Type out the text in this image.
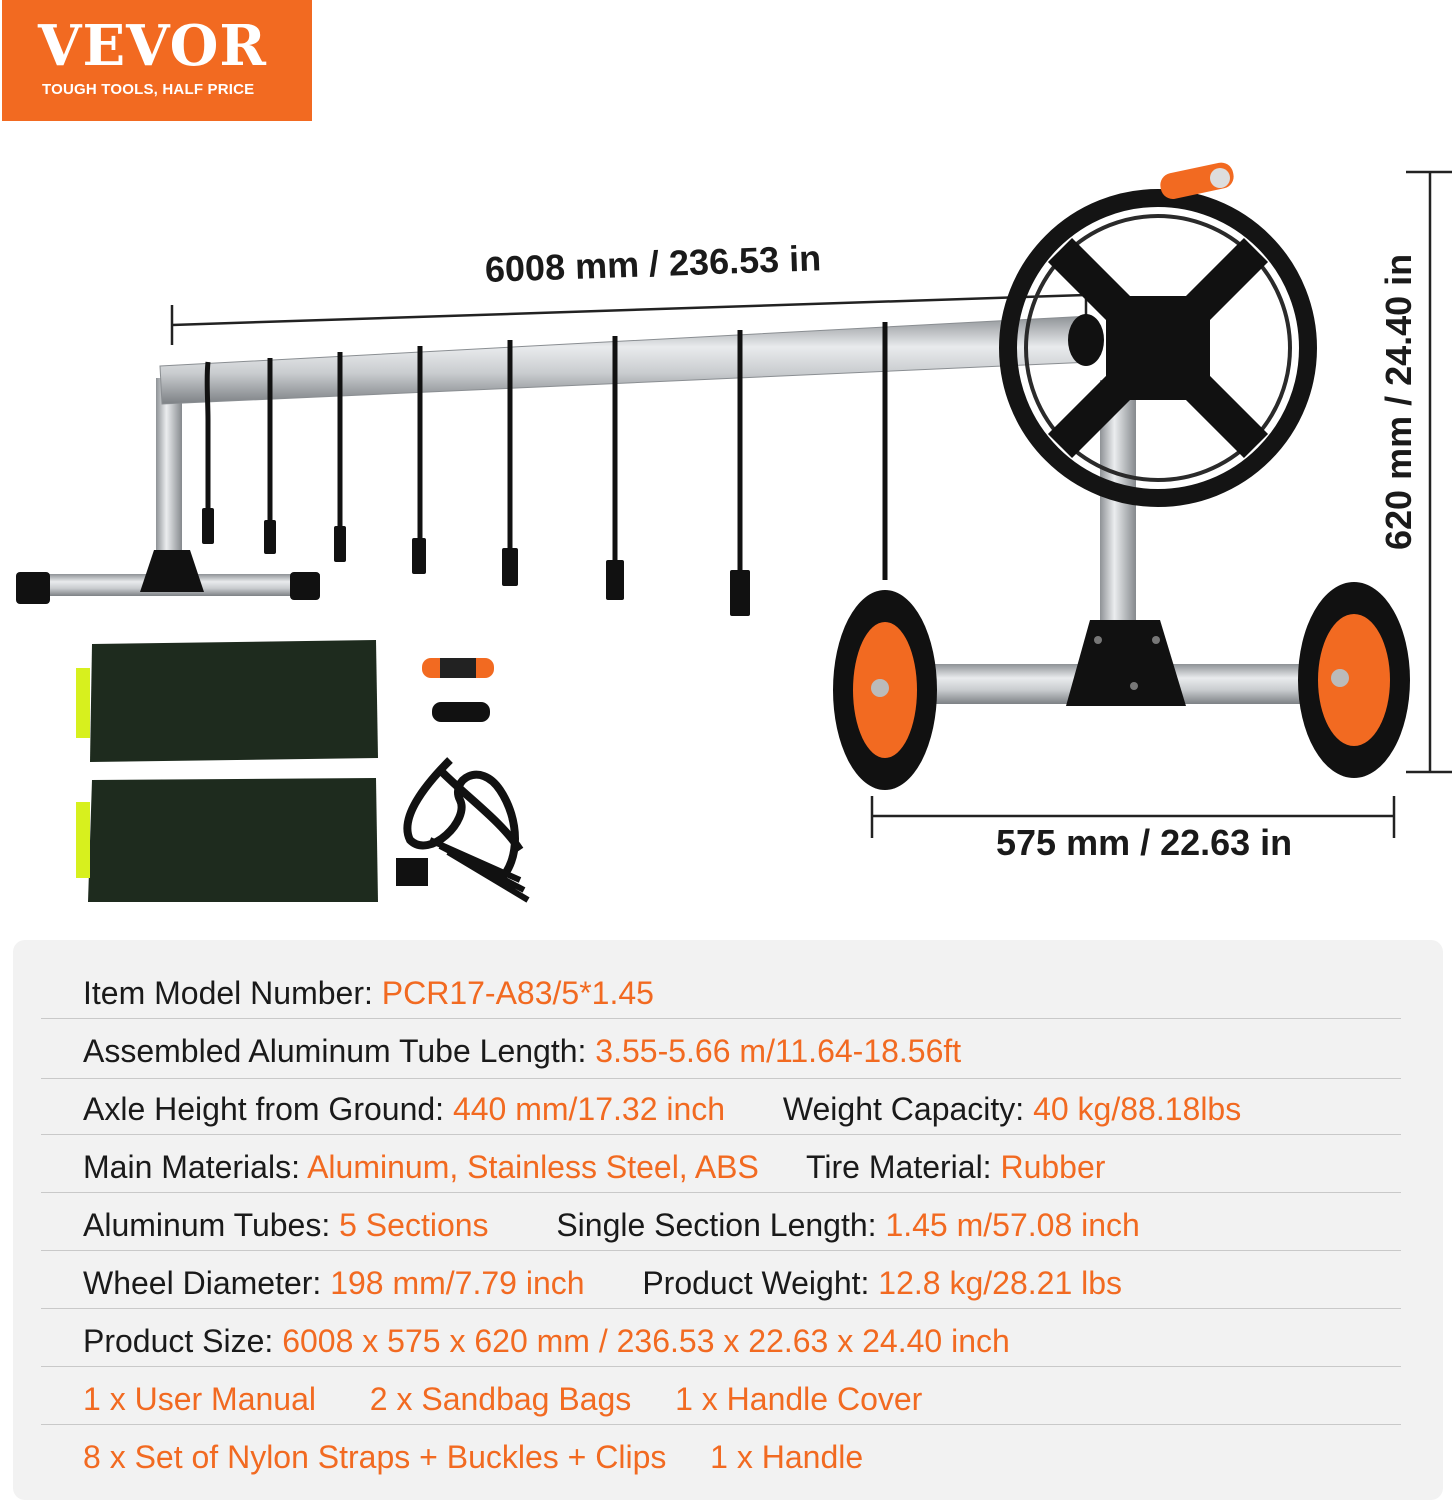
VEVOR
TOUGH TOOLS, HALF PRICE
6008 mm / 236.53 in
575 mm / 22.63 in
620 mm / 24.40 in
Item Model Number: PCR17-A83/5*1.45
Assembled Aluminum Tube Length: 3.55-5.66 m/11.64-18.56ft
Axle Height from Ground: 440 mm/17.32 inch Weight Capacity: 40 kg/88.18lbs
Main Materials: Aluminum, Stainless Steel, ABS Tire Material: Rubber
Aluminum Tubes: 5 Sections Single Section Length: 1.45 m/57.08 inch
Wheel Diameter: 198 mm/7.79 inch Product Weight: 12.8 kg/28.21 lbs
Product Size: 6008 x 575 x 620 mm / 236.53 x 22.63 x 24.40 inch
1 x User Manual 2 x Sandbag Bags 1 x Handle Cover
8 x Set of Nylon Straps + Buckles + Clips 1 x Handle
